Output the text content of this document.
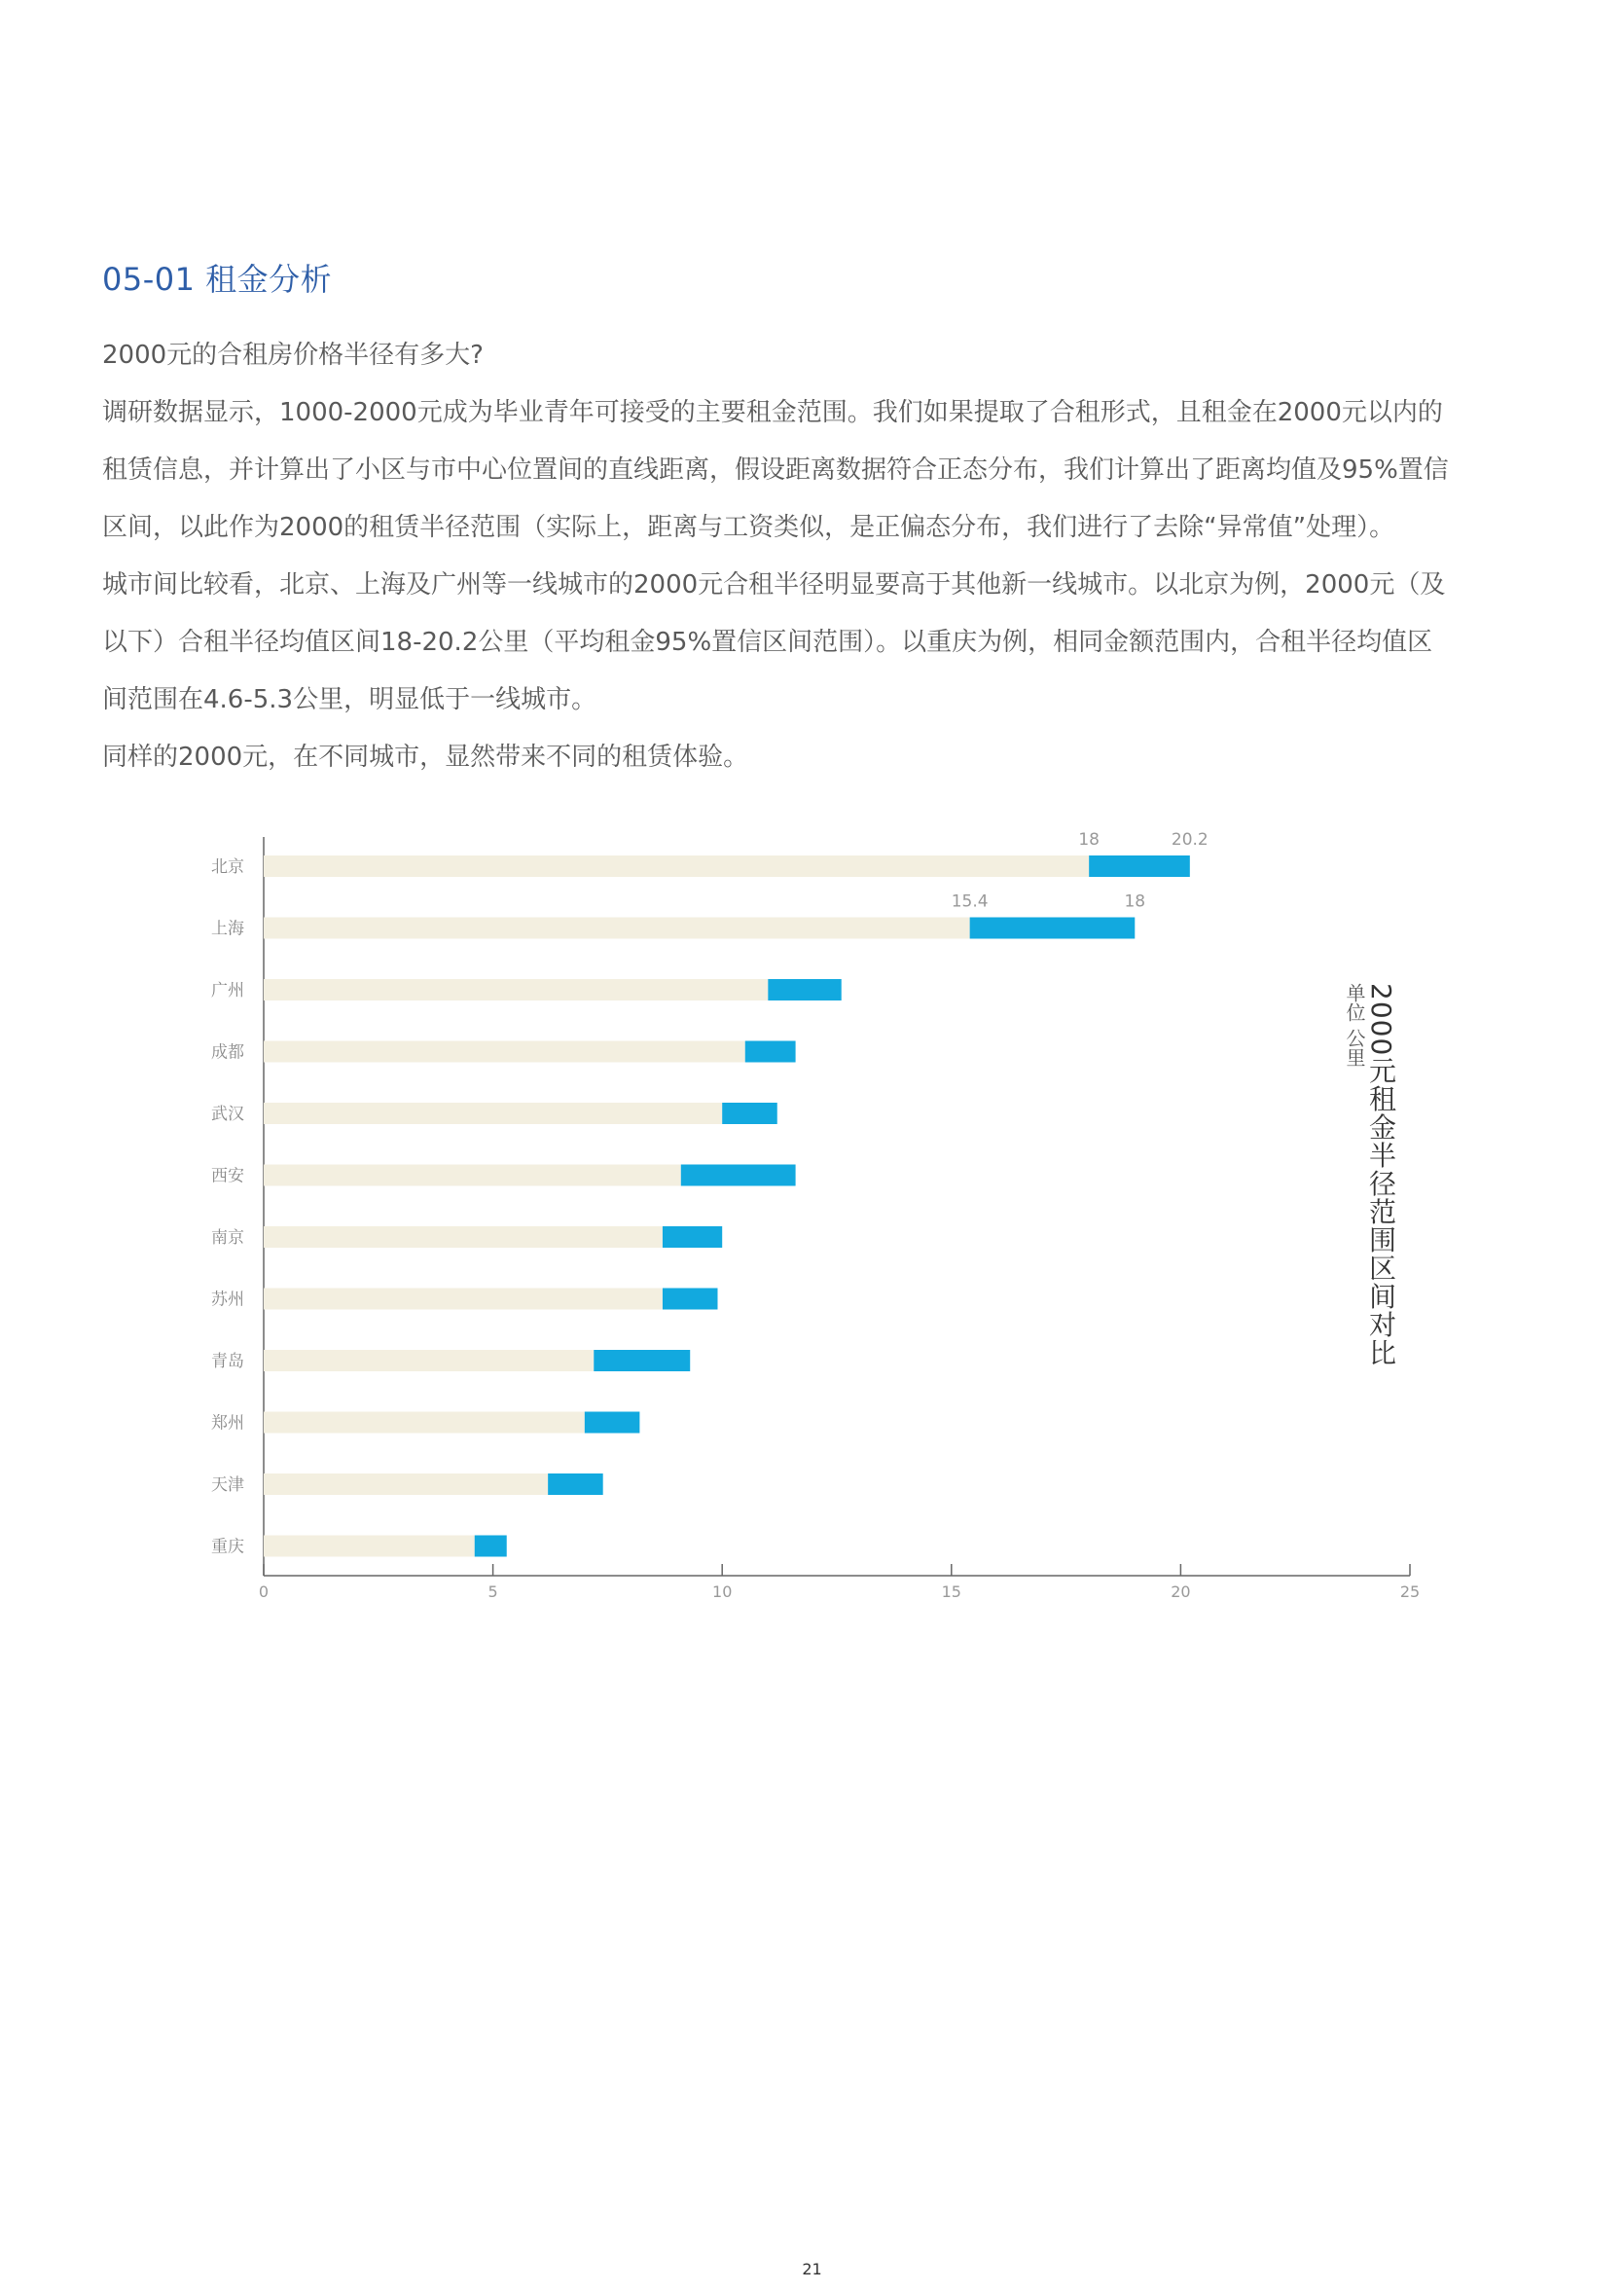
05-01 租金分析

2000元的合租房价格半径有多大?

调研数据显示，1000-2000元成为毕业青年可接受的主要租金范围。我们如果提取了合租形式，且租金在2000元以内的

租赁信息，并计算出了小区与市中心位置间的直线距离，假设距离数据符合正态分布，我们计算出了距离均值及95%置信

区间，以此作为2000的租赁半径范围（实际上，距离与工资类似，是正偏态分布，我们进行了去除“异常值”处理）。

城市间比较看，北京、上海及广州等一线城市的2000元合租半径明显要高于其他新一线城市。以北京为例，2000元（及

以下）合租半径均值区间18-20.2公里（平均租金95%置信区间范围）。以重庆为例，相同金额范围内，合租半径均值区

间范围在4.6-5.3公里，明显低于一线城市。

同样的2000元，在不同城市，显然带来不同的租赁体验。

0	5	10	15	20	25
北京
上海
广州
成都
武汉
西安
南京
苏州
青岛
郑州
天津
重庆
18	20.2
15.4	18
单位 公里 2000元租金半径范围区间对比
21
